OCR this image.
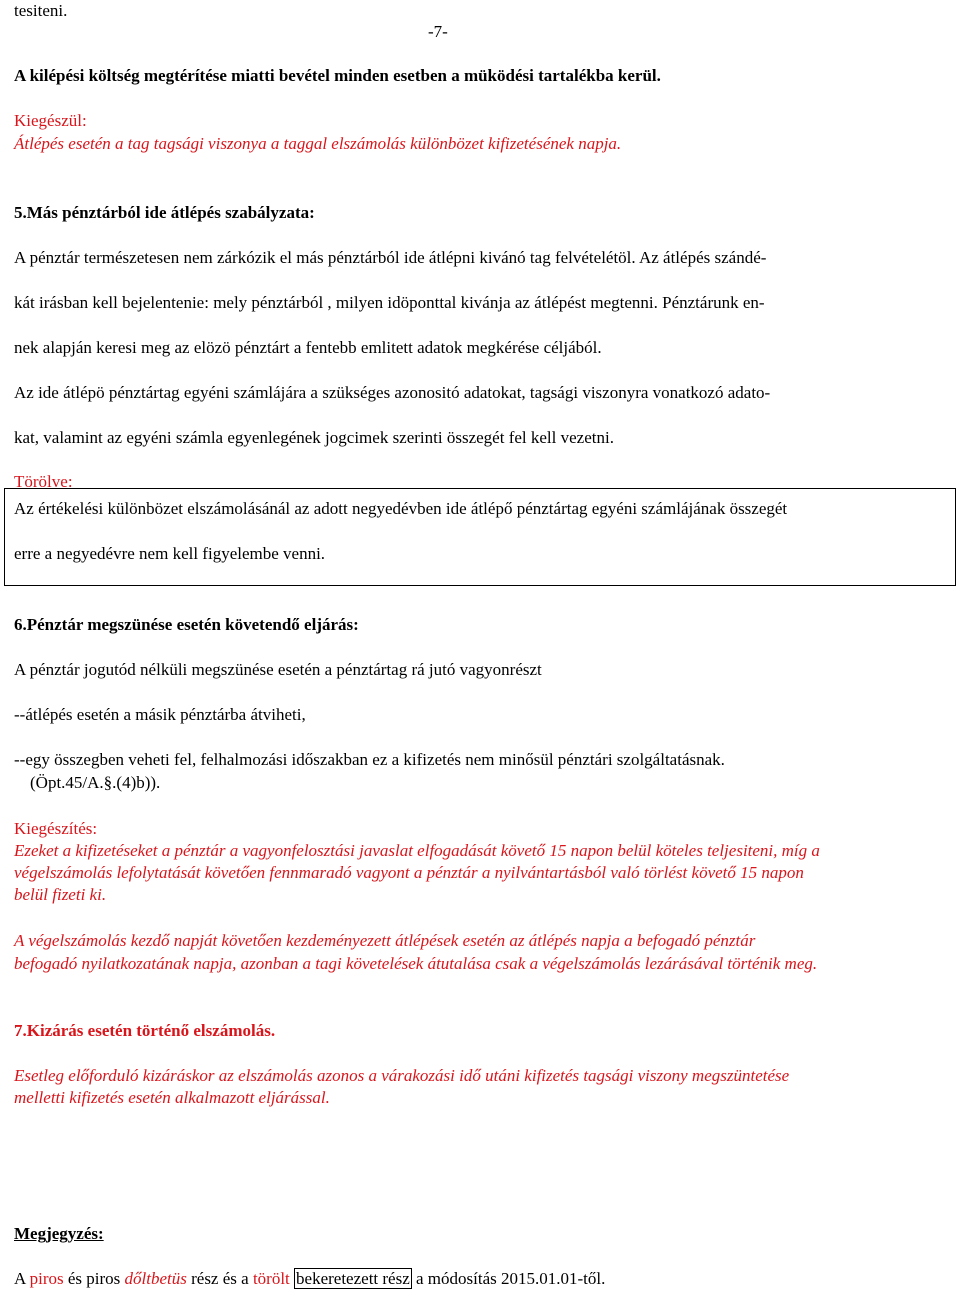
tesiteni.
-7-
A kilépési költség megtérítése miatti bevétel minden esetben a müködési tartalékba kerül.
Kiegészül:
Átlépés esetén a tag tagsági viszonya a taggal elszámolás különbözet kifizetésének napja.
5.Más pénztárból ide átlépés szabályzata:
A pénztár természetesen nem zárkózik el más pénztárból ide átlépni kivánó tag felvételétöl. Az átlépés szándé-
kát irásban kell bejelentenie: mely pénztárból , milyen idöponttal kivánja az átlépést megtenni. Pénztárunk en-
nek alapján keresi meg az elözö pénztárt a fentebb emlitett adatok megkérése céljából.
Az ide átlépö pénztártag egyéni számlájára a szükséges azonositó adatokat, tagsági viszonyra vonatkozó adato-
kat, valamint az egyéni számla egyenlegének jogcimek szerinti összegét fel kell vezetni.
Törölve:
Az értékelési különbözet elszámolásánál az adott negyedévben ide átlépő pénztártag egyéni számlájának összegét
erre a negyedévre nem kell figyelembe venni.
6.Pénztár megszünése esetén követendő eljárás:
A pénztár jogutód nélküli megszünése esetén a pénztártag rá jutó vagyonrészt
--átlépés esetén a másik pénztárba átviheti,
--egy összegben veheti fel, felhalmozási időszakban ez a kifizetés nem minősül pénztári szolgáltatásnak.
(Öpt.45/A.§.(4)b)).
Kiegészítés:
Ezeket a kifizetéseket a pénztár a vagyonfelosztási javaslat elfogadását követő 15 napon belül köteles teljesiteni, míg a
végelszámolás lefolytatását követően fennmaradó vagyont a pénztár a nyilvántartásból való törlést követő 15 napon
belül fizeti ki.
A végelszámolás kezdő napját követően kezdeményezett átlépések esetén az átlépés napja a befogadó pénztár
befogadó nyilatkozatának napja, azonban a tagi követelések átutalása csak a végelszámolás lezárásával történik meg.
7.Kizárás esetén történő elszámolás.
Esetleg előforduló kizáráskor az elszámolás azonos a várakozási idő utáni kifizetés tagsági viszony megszüntetése
melletti kifizetés esetén alkalmazott eljárással.
Megjegyzés:
A piros és piros dőltbetüs rész és a törölt bekeretezett rész a módosítás 2015.01.01-től.
